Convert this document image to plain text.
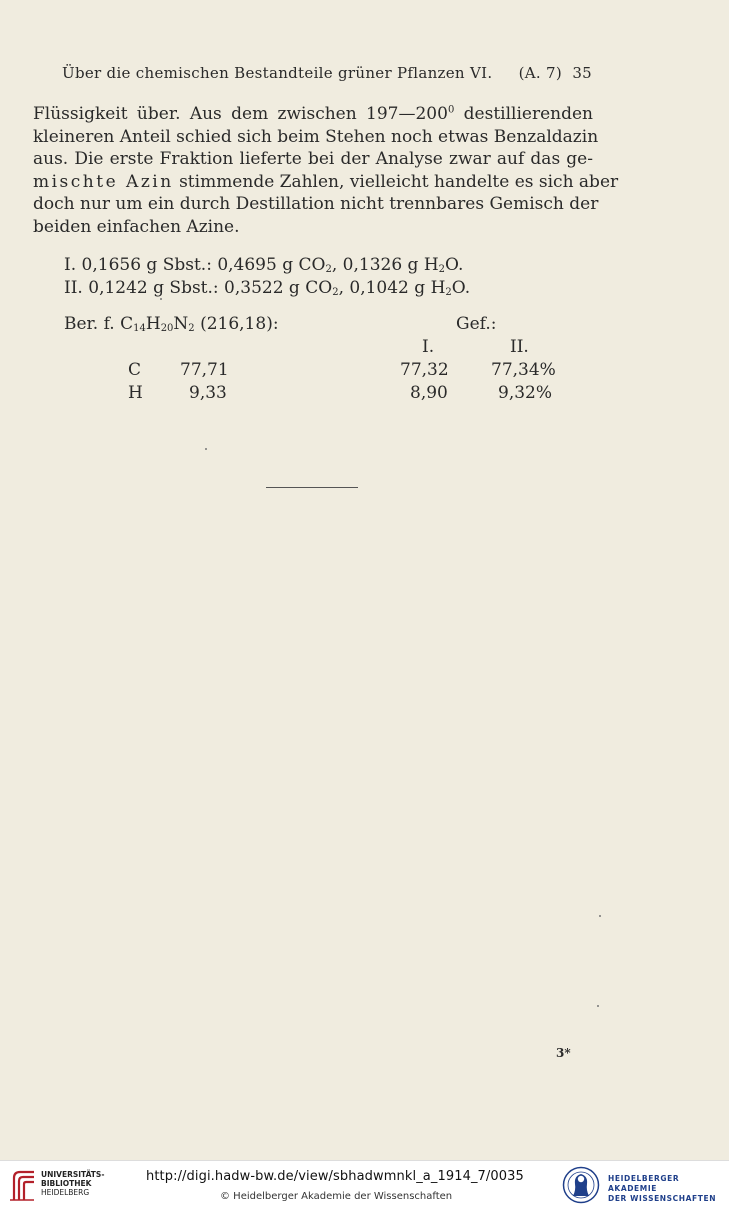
Über die chemischen Bestandteile grüner Pflanzen VI. (A. 7) 35
Flüssigkeit über. Aus dem zwischen $197—200^0$ destillierenden
kleineren Anteil schied sich beim Stehen noch etwas Benzaldazin
aus. Die erste Fraktion lieferte bei der Analyse zwar auf das ge-
mischte Azin stimmende Zahlen, vielleicht handelte es sich aber
doch nur um ein durch Destillation nicht trennbares Gemisch der
beiden einfachen Azine.
I. 0,1656 g Sbst.: 0,4695 g $CO_2$, 0,1326 g $H_2O$.
II. 0,1242 g Sbst.: 0,3522 g $CO_2$, 0,1042 g $H_2O$.
Ber. f. $C_{14}H_{20}N_2$ (216,18):	Gef.:
I.	II.
C 77,71	77,32 77,34%
H	9,33	8,90	9,32%
3*
UNIVERSITÄTS-
BIBLIOTHEK
HEIDELBERG
http://digi.hadw-bw.de/view/sbhadwmnkl_a_1914_7/0035
© Heidelberger Akademie der Wissenschaften
HEIDELBERGER AKADEMIE
DER WISSENSCHAFTEN
